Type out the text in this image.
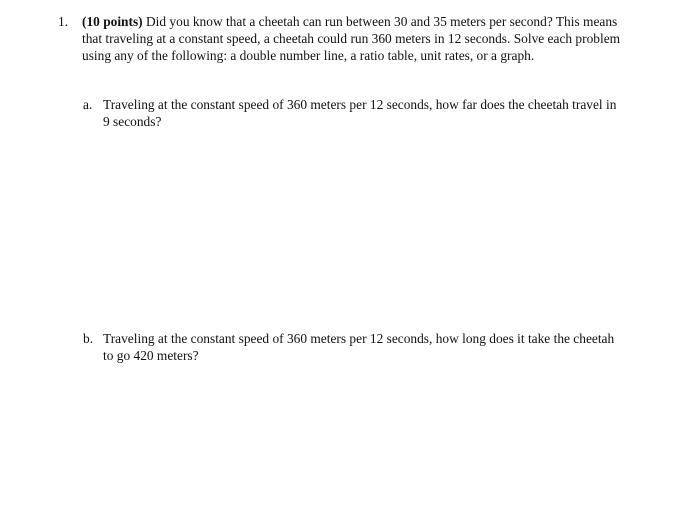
1.	(10 points) Did you know that a cheetah can run between 30 and 35 meters per second? This means that traveling at a constant speed, a cheetah could run 360 meters in 12 seconds. Solve each problem using any of the following: a double number line, a ratio table, unit rates, or a graph.
a. Traveling at the constant speed of 360 meters per 12 seconds, how far does the cheetah travel in 9 seconds?
b. Traveling at the constant speed of 360 meters per 12 seconds, how long does it take the cheetah to go 420 meters?
